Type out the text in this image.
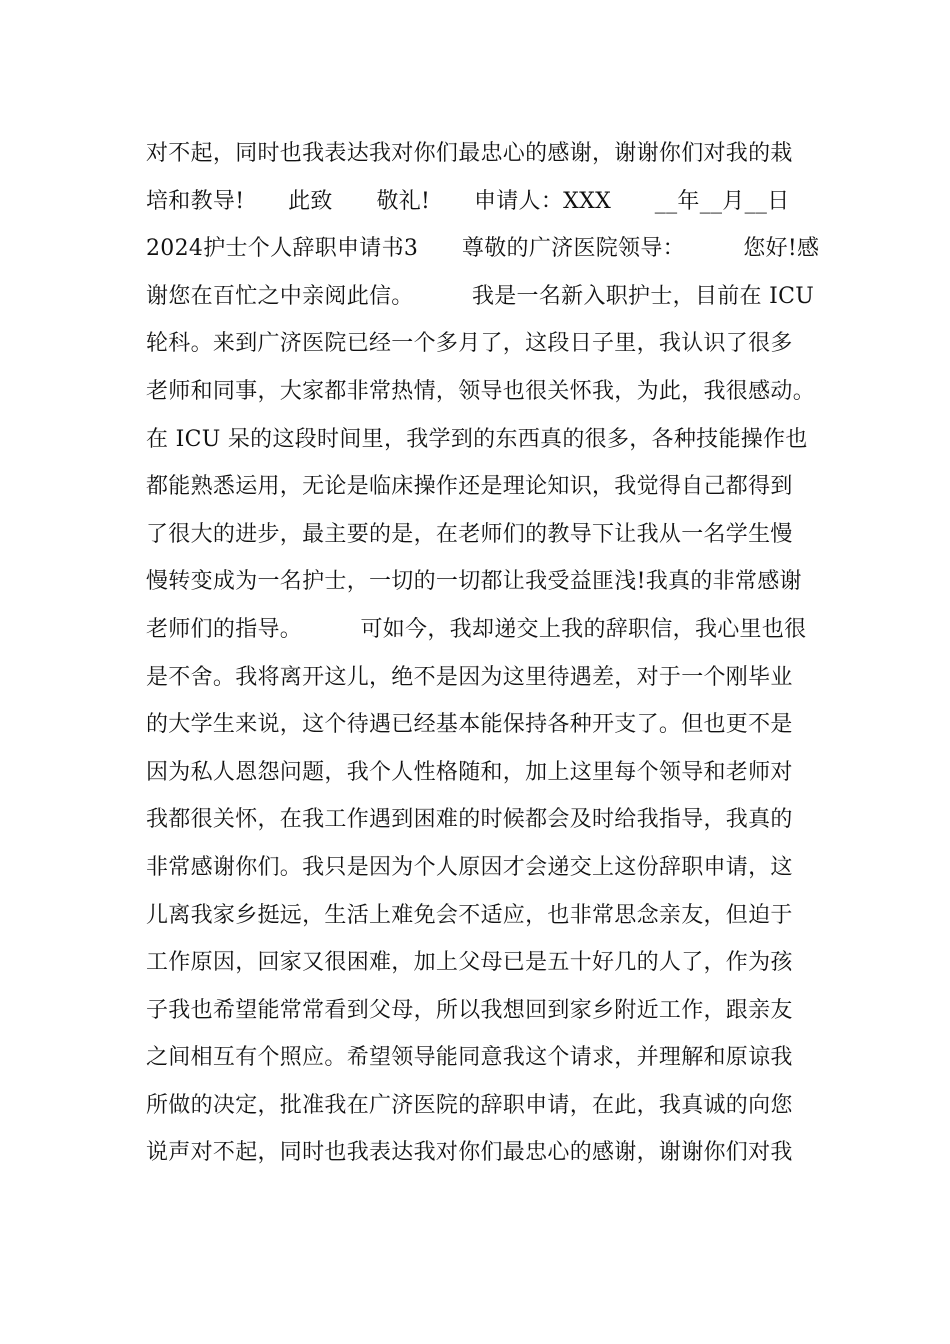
对不起，同时也我表达我对你们最忠心的感谢，谢谢你们对我的栽
培和教导!      此致      敬礼!      申请人：XXX      __年__月__日
2024护士个人辞职申请书3      尊敬的广济医院领导：        您好!感
谢您在百忙之中亲阅此信。        我是一名新入职护士，目前在 ICU
轮科。来到广济医院已经一个多月了，这段日子里，我认识了很多
老师和同事，大家都非常热情，领导也很关怀我，为此，我很感动。
在 ICU 呆的这段时间里，我学到的东西真的很多，各种技能操作也
都能熟悉运用，无论是临床操作还是理论知识，我觉得自己都得到
了很大的进步，最主要的是，在老师们的教导下让我从一名学生慢
慢转变成为一名护士，一切的一切都让我受益匪浅!我真的非常感谢
老师们的指导。        可如今，我却递交上我的辞职信，我心里也很
是不舍。我将离开这儿，绝不是因为这里待遇差，对于一个刚毕业
的大学生来说，这个待遇已经基本能保持各种开支了。但也更不是
因为私人恩怨问题，我个人性格随和，加上这里每个领导和老师对
我都很关怀，在我工作遇到困难的时候都会及时给我指导，我真的
非常感谢你们。我只是因为个人原因才会递交上这份辞职申请，这
儿离我家乡挺远，生活上难免会不适应，也非常思念亲友，但迫于
工作原因，回家又很困难，加上父母已是五十好几的人了，作为孩
子我也希望能常常看到父母，所以我想回到家乡附近工作，跟亲友
之间相互有个照应。希望领导能同意我这个请求，并理解和原谅我
所做的决定，批准我在广济医院的辞职申请，在此，我真诚的向您
说声对不起，同时也我表达我对你们最忠心的感谢，谢谢你们对我
